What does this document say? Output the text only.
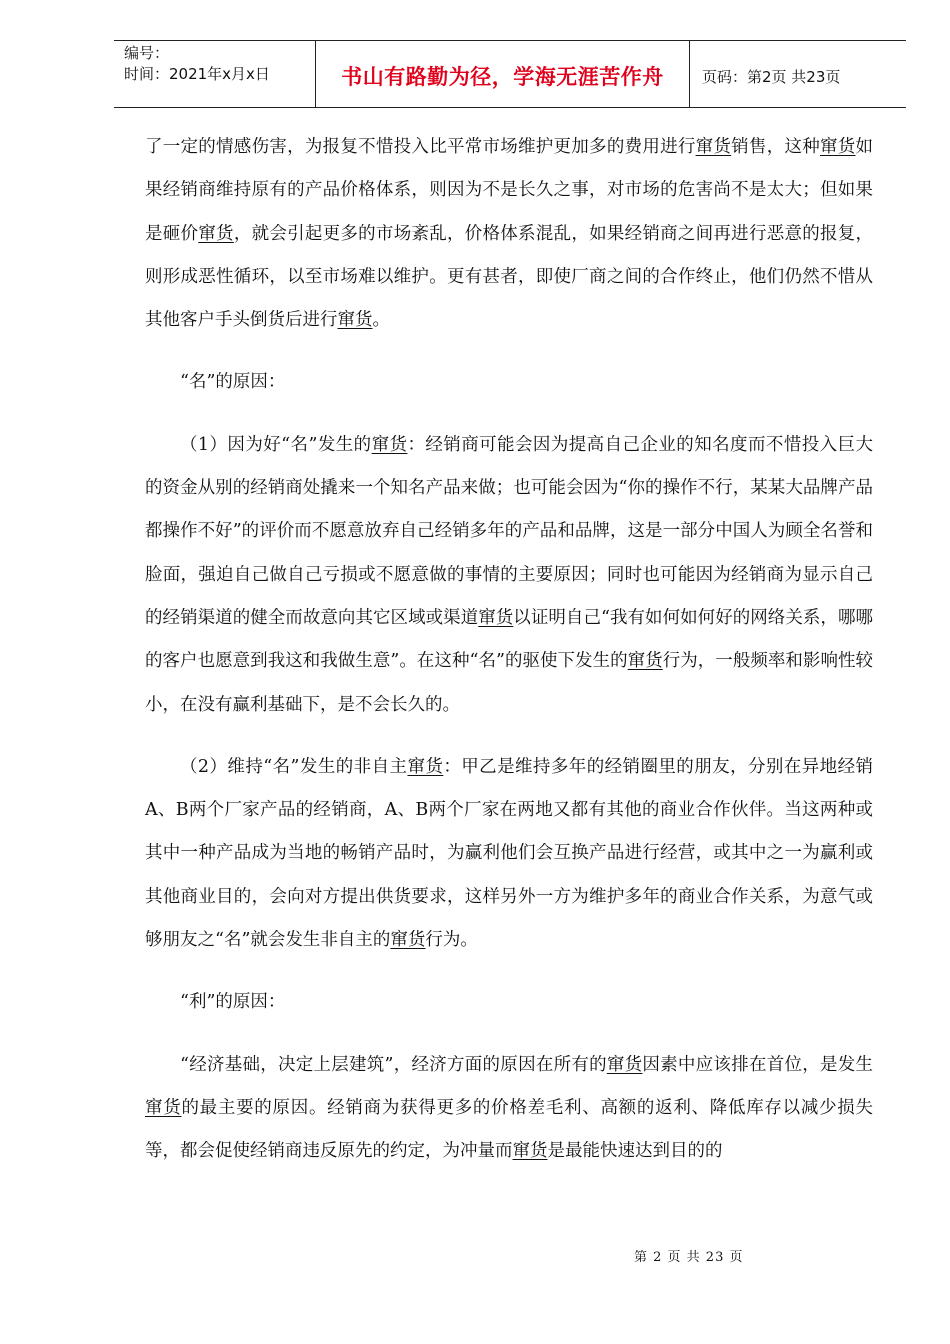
编号：
时间：2021年x月x日	书山有路勤为径，学海无涯苦作舟	页码：第2页 共23页

了一定的情感伤害，为报复不惜投入比平常市场维护更加多的费用进行窜货销售，这种窜货如果经销商维持原有的产品价格体系，则因为不是长久之事，对市场的危害尚不是太大；但如果是砸价窜货，就会引起更多的市场紊乱，价格体系混乱，如果经销商之间再进行恶意的报复，则形成恶性循环，以至市场难以维护。更有甚者，即使厂商之间的合作终止，他们仍然不惜从其他客户手头倒货后进行窜货。

“名”的原因：

（1）因为好“名”发生的窜货：经销商可能会因为提高自己企业的知名度而不惜投入巨大的资金从别的经销商处撬来一个知名产品来做；也可能会因为“你的操作不行，某某大品牌产品都操作不好”的评价而不愿意放弃自己经销多年的产品和品牌，这是一部分中国人为顾全名誉和脸面，强迫自己做自己亏损或不愿意做的事情的主要原因；同时也可能因为经销商为显示自己的经销渠道的健全而故意向其它区域或渠道窜货以证明自己“我有如何如何好的网络关系，哪哪的客户也愿意到我这和我做生意”。在这种“名”的驱使下发生的窜货行为，一般频率和影响性较小，在没有赢利基础下，是不会长久的。

（2）维持“名”发生的非自主窜货：甲乙是维持多年的经销圈里的朋友，分别在异地经销A、B两个厂家产品的经销商，A、B两个厂家在两地又都有其他的商业合作伙伴。当这两种或其中一种产品成为当地的畅销产品时，为赢利他们会互换产品进行经营，或其中之一为赢利或其他商业目的，会向对方提出供货要求，这样另外一方为维护多年的商业合作关系，为意气或够朋友之“名”就会发生非自主的窜货行为。

“利”的原因：

“经济基础，决定上层建筑”，经济方面的原因在所有的窜货因素中应该排在首位，是发生窜货的最主要的原因。经销商为获得更多的价格差毛利、高额的返利、降低库存以减少损失等，都会促使经销商违反原先的约定，为冲量而窜货是最能快速达到目的的

第 2 页 共 23 页
